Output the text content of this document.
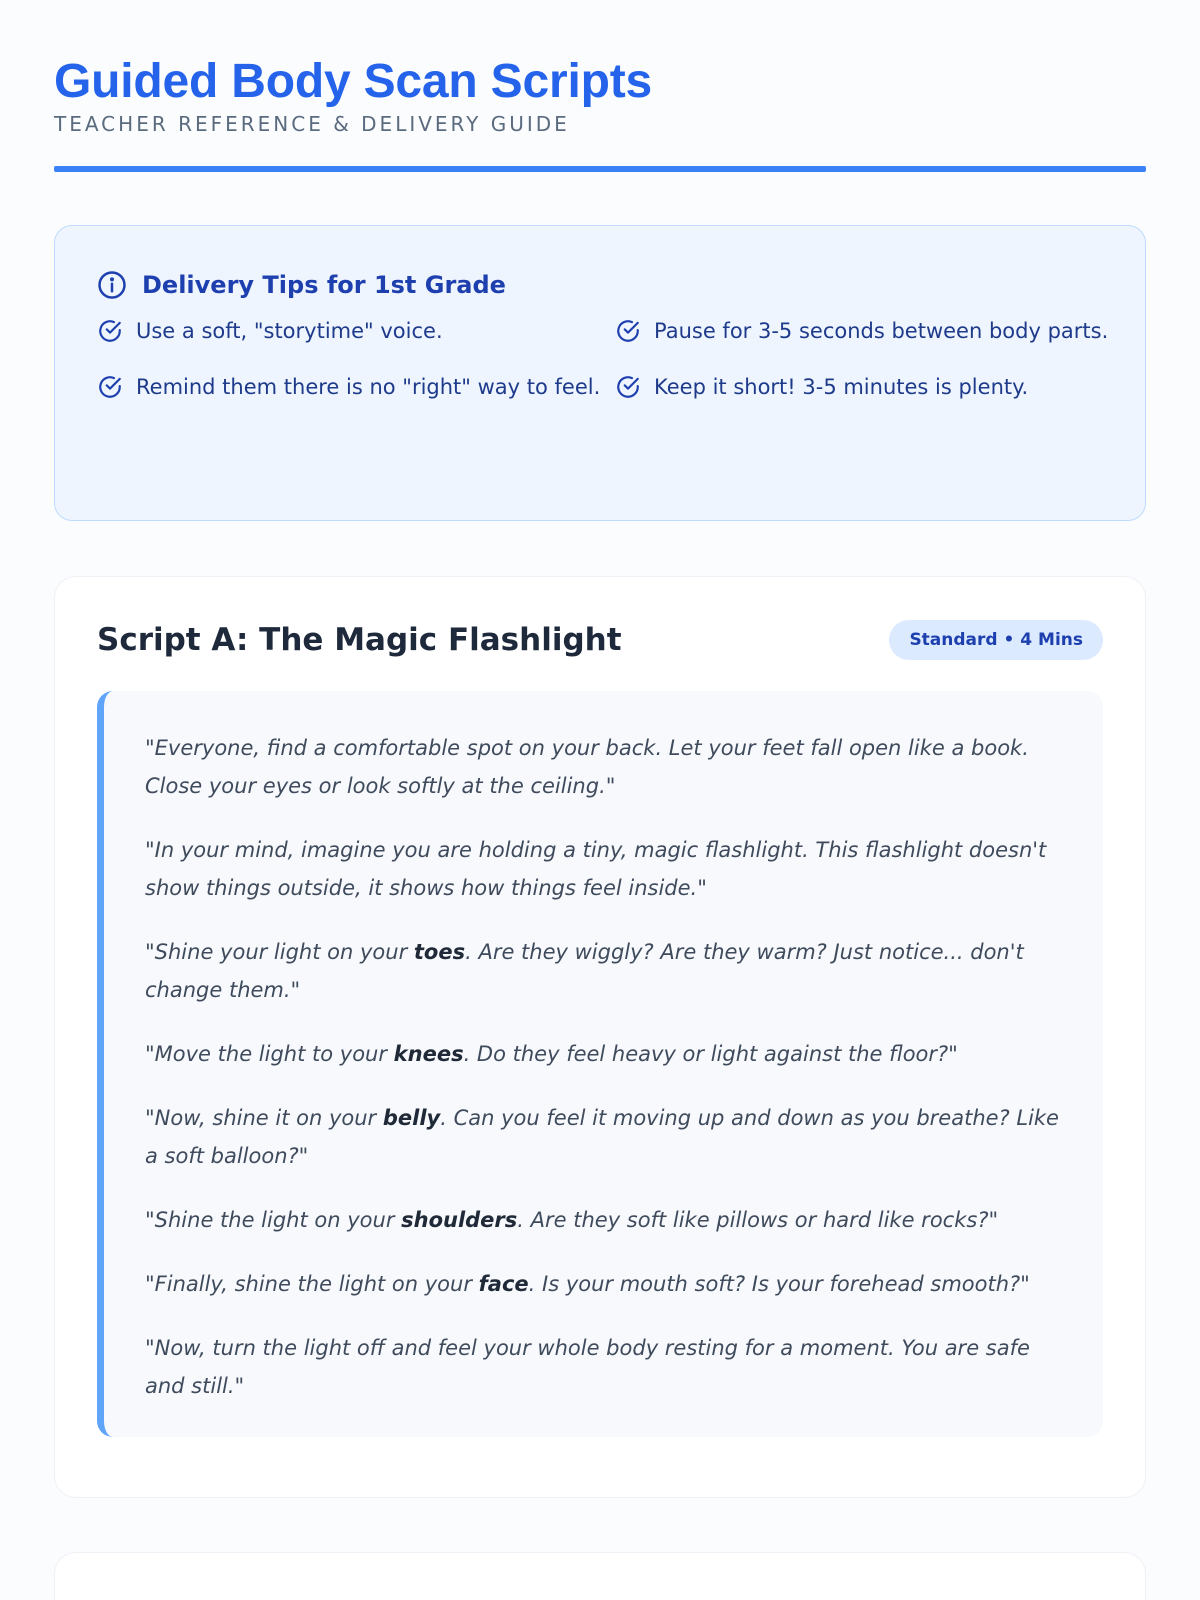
Guided Body Scan Scripts
TEACHER REFERENCE & DELIVERY GUIDE
Delivery Tips for 1st Grade
Use a soft, "storytime" voice.	Pause for 3-5 seconds between body parts.
Remind them there is no "right" way to feel.	Keep it short! 3-5 minutes is plenty.
Script A: The Magic Flashlight	Standard • 4 Mins

"Everyone, find a comfortable spot on your back. Let your feet fall open like a book. Close your eyes or look softly at the ceiling."

"In your mind, imagine you are holding a tiny, magic flashlight. This flashlight doesn't show things outside, it shows how things feel inside."

"Shine your light on your toes. Are they wiggly? Are they warm? Just notice... don't change them."

"Move the light to your knees. Do they feel heavy or light against the floor?"

"Now, shine it on your belly. Can you feel it moving up and down as you breathe? Like a soft balloon?"

"Shine the light on your shoulders. Are they soft like pillows or hard like rocks?"

"Finally, shine the light on your face. Is your mouth soft? Is your forehead smooth?"

"Now, turn the light off and feel your whole body resting for a moment. You are safe and still."
